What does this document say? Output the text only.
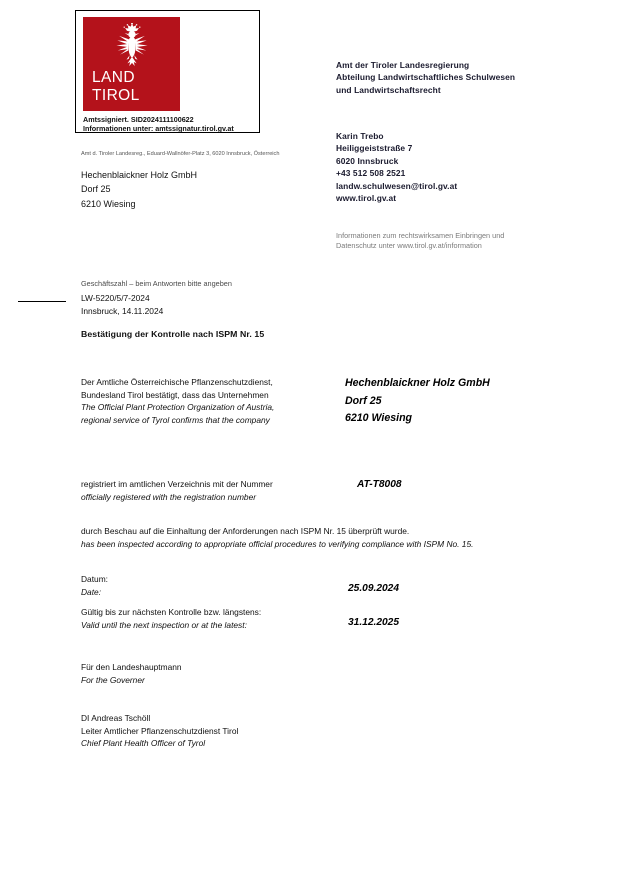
LAND
TIROL
Amtssigniert. SID2024111100622
Informationen unter: amtssignatur.tirol.gv.at
Amt der Tiroler Landesregierung
Abteilung Landwirtschaftliches Schulwesen
und Landwirtschaftsrecht
Karin Trebo
Heiliggeiststraße 7
6020 Innsbruck
+43 512 508 2521
landw.schulwesen@tirol.gv.at
www.tirol.gv.at
Informationen zum rechtswirksamen Einbringen und
Datenschutz unter www.tirol.gv.at/information
Amt d. Tiroler Landesreg., Eduard-Wallnöfer-Platz 3, 6020 Innsbruck, Österreich
Hechenblaickner Holz GmbH
Dorf 25
6210 Wiesing
Geschäftszahl – beim Antworten bitte angeben
LW-5220/5/7-2024
Innsbruck, 14.11.2024
Bestätigung der Kontrolle nach ISPM Nr. 15
Der Amtliche Österreichische Pflanzenschutzdienst,
Bundesland Tirol bestätigt, dass das Unternehmen
The Official Plant Protection Organization of Austria,
regional service of Tyrol confirms that the company
Hechenblaickner Holz GmbH
Dorf 25
6210 Wiesing
registriert im amtlichen Verzeichnis mit der Nummer
officially registered with the registration number
AT-T8008
durch Beschau auf die Einhaltung der Anforderungen nach ISPM Nr. 15 überprüft wurde.
has been inspected according to appropriate official procedures to verifying compliance with ISPM No. 15.
Datum:
Date:	25.09.2024
Gültig bis zur nächsten Kontrolle bzw. längstens:
Valid until the next inspection or at the latest:	31.12.2025
Für den Landeshauptmann
For the Governer
DI Andreas Tschöll
Leiter Amtlicher Pflanzenschutzdienst Tirol
Chief Plant Health Officer of Tyrol
